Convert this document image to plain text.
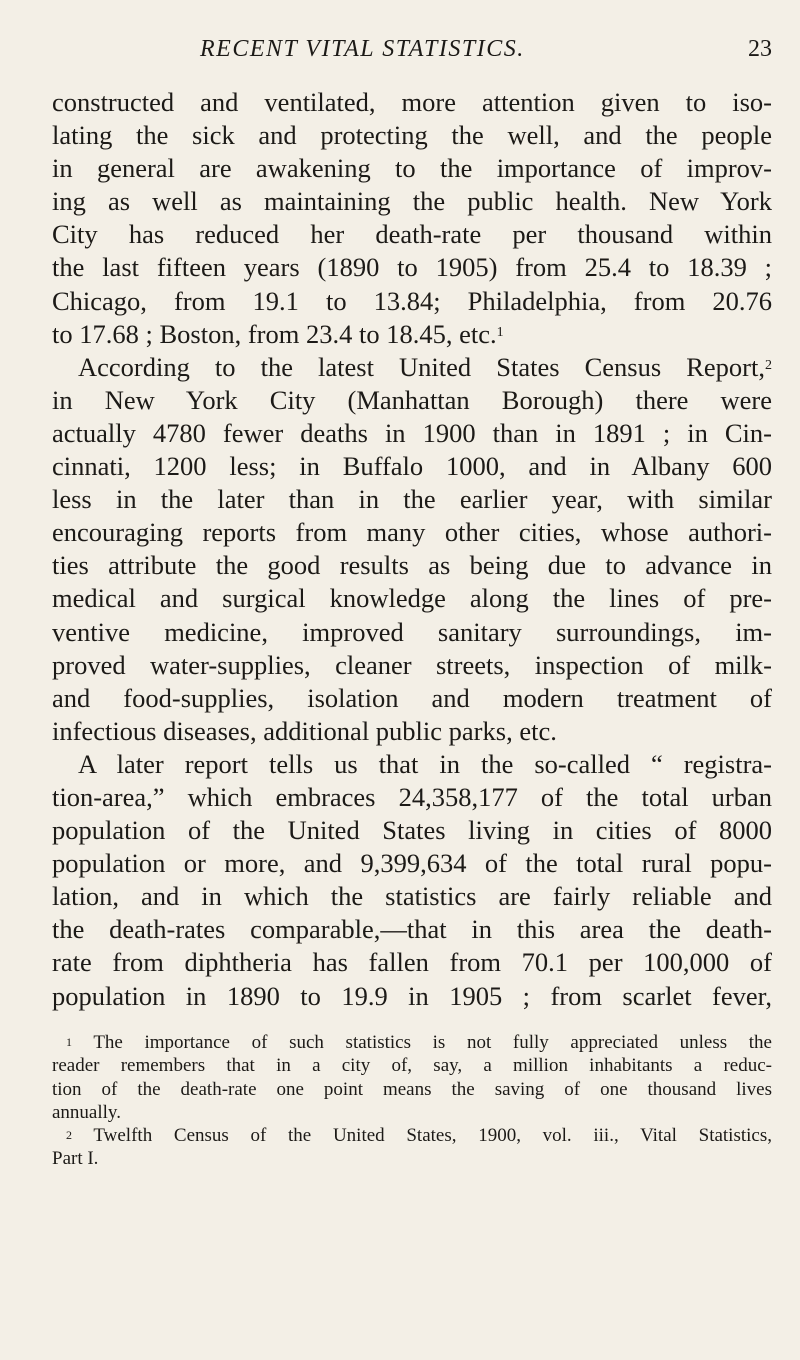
RECENT VITAL STATISTICS.	23
constructed and ventilated, more attention given to iso-
lating the sick and protecting the well, and the people
in general are awakening to the importance of improv-
ing as well as maintaining the public health. New York
City has reduced her death-rate per thousand within
the last fifteen years (1890 to 1905) from 25.4 to 18.39 ;
Chicago, from 19.1 to 13.84; Philadelphia, from 20.76
to 17.68 ; Boston, from 23.4 to 18.45, etc.$^1$
According to the latest United States Census Report,$^2$
in New York City (Manhattan Borough) there were
actually 4780 fewer deaths in 1900 than in 1891 ; in Cin-
cinnati, 1200 less; in Buffalo 1000, and in Albany 600
less in the later than in the earlier year, with similar
encouraging reports from many other cities, whose authori-
ties attribute the good results as being due to advance in
medical and surgical knowledge along the lines of pre-
ventive medicine, improved sanitary surroundings, im-
proved water-supplies, cleaner streets, inspection of milk-
and food-supplies, isolation and modern treatment of
infectious diseases, additional public parks, etc.
A later report tells us that in the so-called “ registra-
tion-area,” which embraces 24,358,177 of the total urban
population of the United States living in cities of 8000
population or more, and 9,399,634 of the total rural popu-
lation, and in which the statistics are fairly reliable and
the death-rates comparable,—that in this area the death-
rate from diphtheria has fallen from 70.1 per 100,000 of
population in 1890 to 19.9 in 1905 ; from scarlet fever,
$^1$ The importance of such statistics is not fully appreciated unless the
reader remembers that in a city of, say, a million inhabitants a reduc-
tion of the death-rate one point means the saving of one thousand lives
annually.
$^2$ Twelfth Census of the United States, 1900, vol. iii., Vital Statistics,
Part I.
